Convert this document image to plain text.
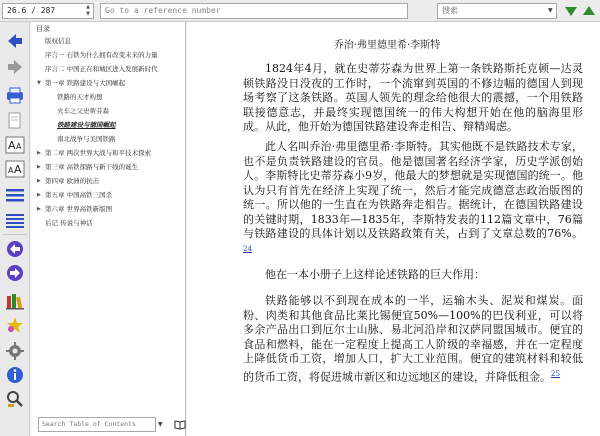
26.6 / 287	▲
▼	Go to a reference number	搜索	▼
A A
A A
目录
版权信息
序言一 石铁为什么拥有改变未来的力量
序言二 中国正在和城区进入发展新时代
▼ 第一章 铁路建设与大国崛起
铁路的天才构想
火车之父史蒂芬森
铁路建设与德国崛起
南北战争与美国铁路
▶ 第二章 两次世界大战与和平技术探索
▶ 第三章 高铁探路与新干线的诞生
▶ 第四章 欧洲的抗击
▶ 第五章 中国高铁三国杀
▶ 第六章 世界高铁新版图
后记 传说与神话
Search Table of Contents	▼
乔治·弗里德里希·李斯特

1824年4月，就在史蒂芬森为世界上第一条铁路斯托克顿—达灵顿铁路没日没夜的工作时，一个流窜到英国的不修边幅的德国人到现场考察了这条铁路。英国人领先的理念给他很大的震撼，一个用铁路联接德意志，并最终实现德国统一的伟大构想开始在他的脑海里形成。从此，他开始为德国铁路建设奔走相告、辩精竭虑。

此人名叫乔治·弗里德里希·李斯特。其实他既不是铁路技术专家，也不是负责铁路建设的官员。他是德国著名经济学家，历史学派创始人。李斯特比史蒂芬森小9岁，他最大的梦想就是实现德国的统一。他认为只有首先在经济上实现了统一，然后才能完成德意志政治版图的统一。所以他的一生直在为铁路奔走相告。据统计，在德国铁路建设的关键时期，1833年—1835年，李斯特发表的112篇文章中，76篇与铁路建设的具体计划以及铁路政策有关，占到了文章总数的76%。$^{24}$

他在一本小册子上这样论述铁路的巨大作用：

铁路能够以不到现在成本的一半，运输木头、泥炭和煤炭。面粉、肉类和其他食品比莱比锡便宜50%—100%的巴伐利亚，可以将多余产品出口到厄尔士山脉、易北河沿岸和汉萨同盟国城市。便宜的食品和燃料，能在一定程度上提高工人阶级的幸福感，并在一定程度上降低货币工资，增加人口，扩大工业范围。便宜的建筑材料和较低的货币工资，将促进城市新区和边远地区的建设，并降低租金。$^{25}$
